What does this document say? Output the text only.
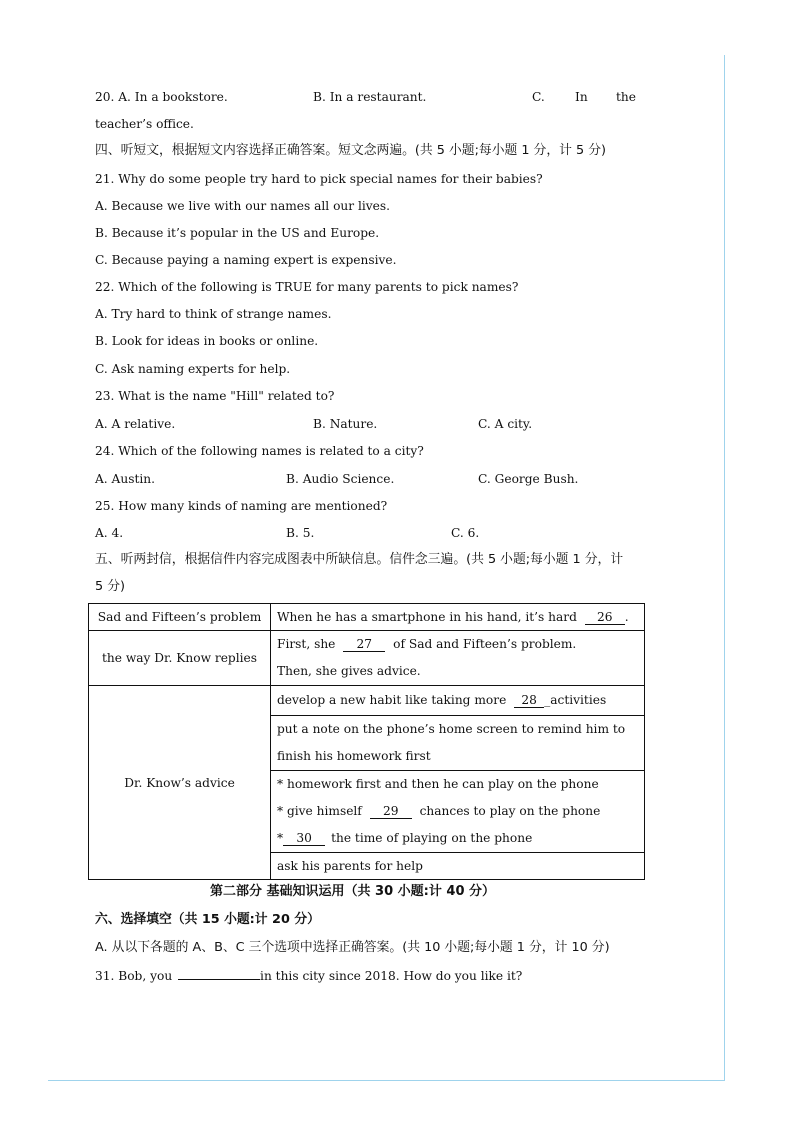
20. A. In a bookstore.	B. In a restaurant.	C. In the
teacher’s office.
四、听短文，根据短文内容选择正确答案。短文念两遍。(共 5 小题;每小题 1 分，计 5 分)
21. Why do some people try hard to pick special names for their babies?
A. Because we live with our names all our lives.
B. Because it’s popular in the US and Europe.
C. Because paying a naming expert is expensive.
22. Which of the following is TRUE for many parents to pick names?
A. Try hard to think of strange names.
B. Look for ideas in books or online.
C. Ask naming experts for help.
23. What is the name "Hill" related to?
A. A relative.	B. Nature.	C. A city.
24. Which of the following names is related to a city?
A. Austin.	B. Audio Science.	C. George Bush.
25. How many kinds of naming are mentioned?
A. 4.	B. 5.	C. 6.
五、听两封信，根据信件内容完成图表中所缺信息。信件念三遍。(共 5 小题;每小题 1 分，计
5 分)
Sad and Fifteen’s problem	When he has a smartphone in his hand, it’s hard 26 .
the way Dr. Know replies	First, she 27 of Sad and Fifteen’s problem.
Then, she gives advice.

Dr. Know’s advice	develop a new habit like taking more 28 _activities

	put a note on the phone’s home screen to remind him to
finish his homework first

	* homework first and then he can play on the phone
* give himself 29 chances to play on the phone
* 30 the time of playing on the phone

	ask his parents for help
第二部分 基础知识运用（共 30 小题:计 40 分）
六、选择填空（共 15 小题:计 20 分）
A. 从以下各题的 A、B、C 三个选项中选择正确答案。(共 10 小题;每小题 1 分，计 10 分)
31. Bob, you	in this city since 2018. How do you like it?
